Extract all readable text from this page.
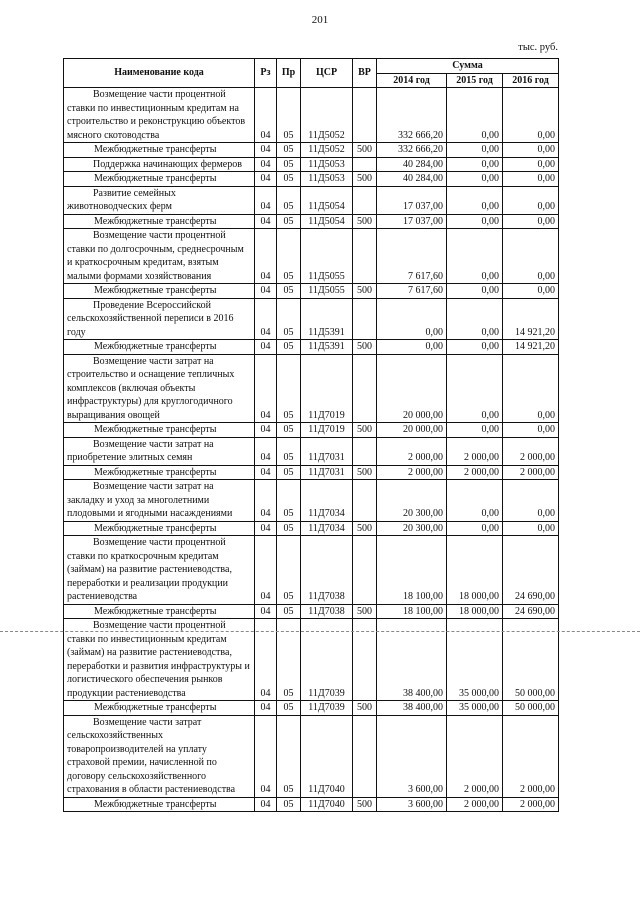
201
тыс. руб.
Наименование кода	Рз	Пр	ЦСР	ВР	Сумма		
					2014 год	2015 год	2016 год
Возмещение части процентной ставки по инвестиционным кредитам на строительство и реконструкцию объектов мясного скотоводства	04	05	11Д5052		332 666,20	0,00	0,00
Межбюджетные трансферты	04	05	11Д5052	500	332 666,20	0,00	0,00
Поддержка начинающих фермеров	04	05	11Д5053		40 284,00	0,00	0,00
Межбюджетные трансферты	04	05	11Д5053	500	40 284,00	0,00	0,00
Развитие семейных животноводческих ферм	04	05	11Д5054		17 037,00	0,00	0,00
Межбюджетные трансферты	04	05	11Д5054	500	17 037,00	0,00	0,00
Возмещение части процентной ставки по долгосрочным, среднесрочным и краткосрочным кредитам, взятым малыми формами хозяйствования	04	05	11Д5055		7 617,60	0,00	0,00
Межбюджетные трансферты	04	05	11Д5055	500	7 617,60	0,00	0,00
Проведение Всероссийской сельскохозяйственной переписи в 2016 году	04	05	11Д5391		0,00	0,00	14 921,20
Межбюджетные трансферты	04	05	11Д5391	500	0,00	0,00	14 921,20
Возмещение части затрат на строительство и оснащение тепличных комплексов (включая объекты инфраструктуры) для круглогодичного выращивания овощей	04	05	11Д7019		20 000,00	0,00	0,00
Межбюджетные трансферты	04	05	11Д7019	500	20 000,00	0,00	0,00
Возмещение части затрат на приобретение элитных семян	04	05	11Д7031		2 000,00	2 000,00	2 000,00
Межбюджетные трансферты	04	05	11Д7031	500	2 000,00	2 000,00	2 000,00
Возмещение части затрат на закладку и уход за многолетними плодовыми и ягодными насаждениями	04	05	11Д7034		20 300,00	0,00	0,00
Межбюджетные трансферты	04	05	11Д7034	500	20 300,00	0,00	0,00
Возмещение части процентной ставки по краткосрочным кредитам (займам) на развитие растениеводства, переработки и реализации продукции растениеводства	04	05	11Д7038		18 100,00	18 000,00	24 690,00
Межбюджетные трансферты	04	05	11Д7038	500	18 100,00	18 000,00	24 690,00
Возмещение части процентной ставки по инвестиционным кредитам (займам) на развитие растениеводства, переработки и развития инфраструктуры и логистического обеспечения рынков продукции растениеводства	04	05	11Д7039		38 400,00	35 000,00	50 000,00
Межбюджетные трансферты	04	05	11Д7039	500	38 400,00	35 000,00	50 000,00
Возмещение части затрат сельскохозяйственных товаропроизводителей на уплату страховой премии, начисленной по договору сельскохозяйственного страхования в области растениеводства	04	05	11Д7040		3 600,00	2 000,00	2 000,00
Межбюджетные трансферты	04	05	11Д7040	500	3 600,00	2 000,00	2 000,00
